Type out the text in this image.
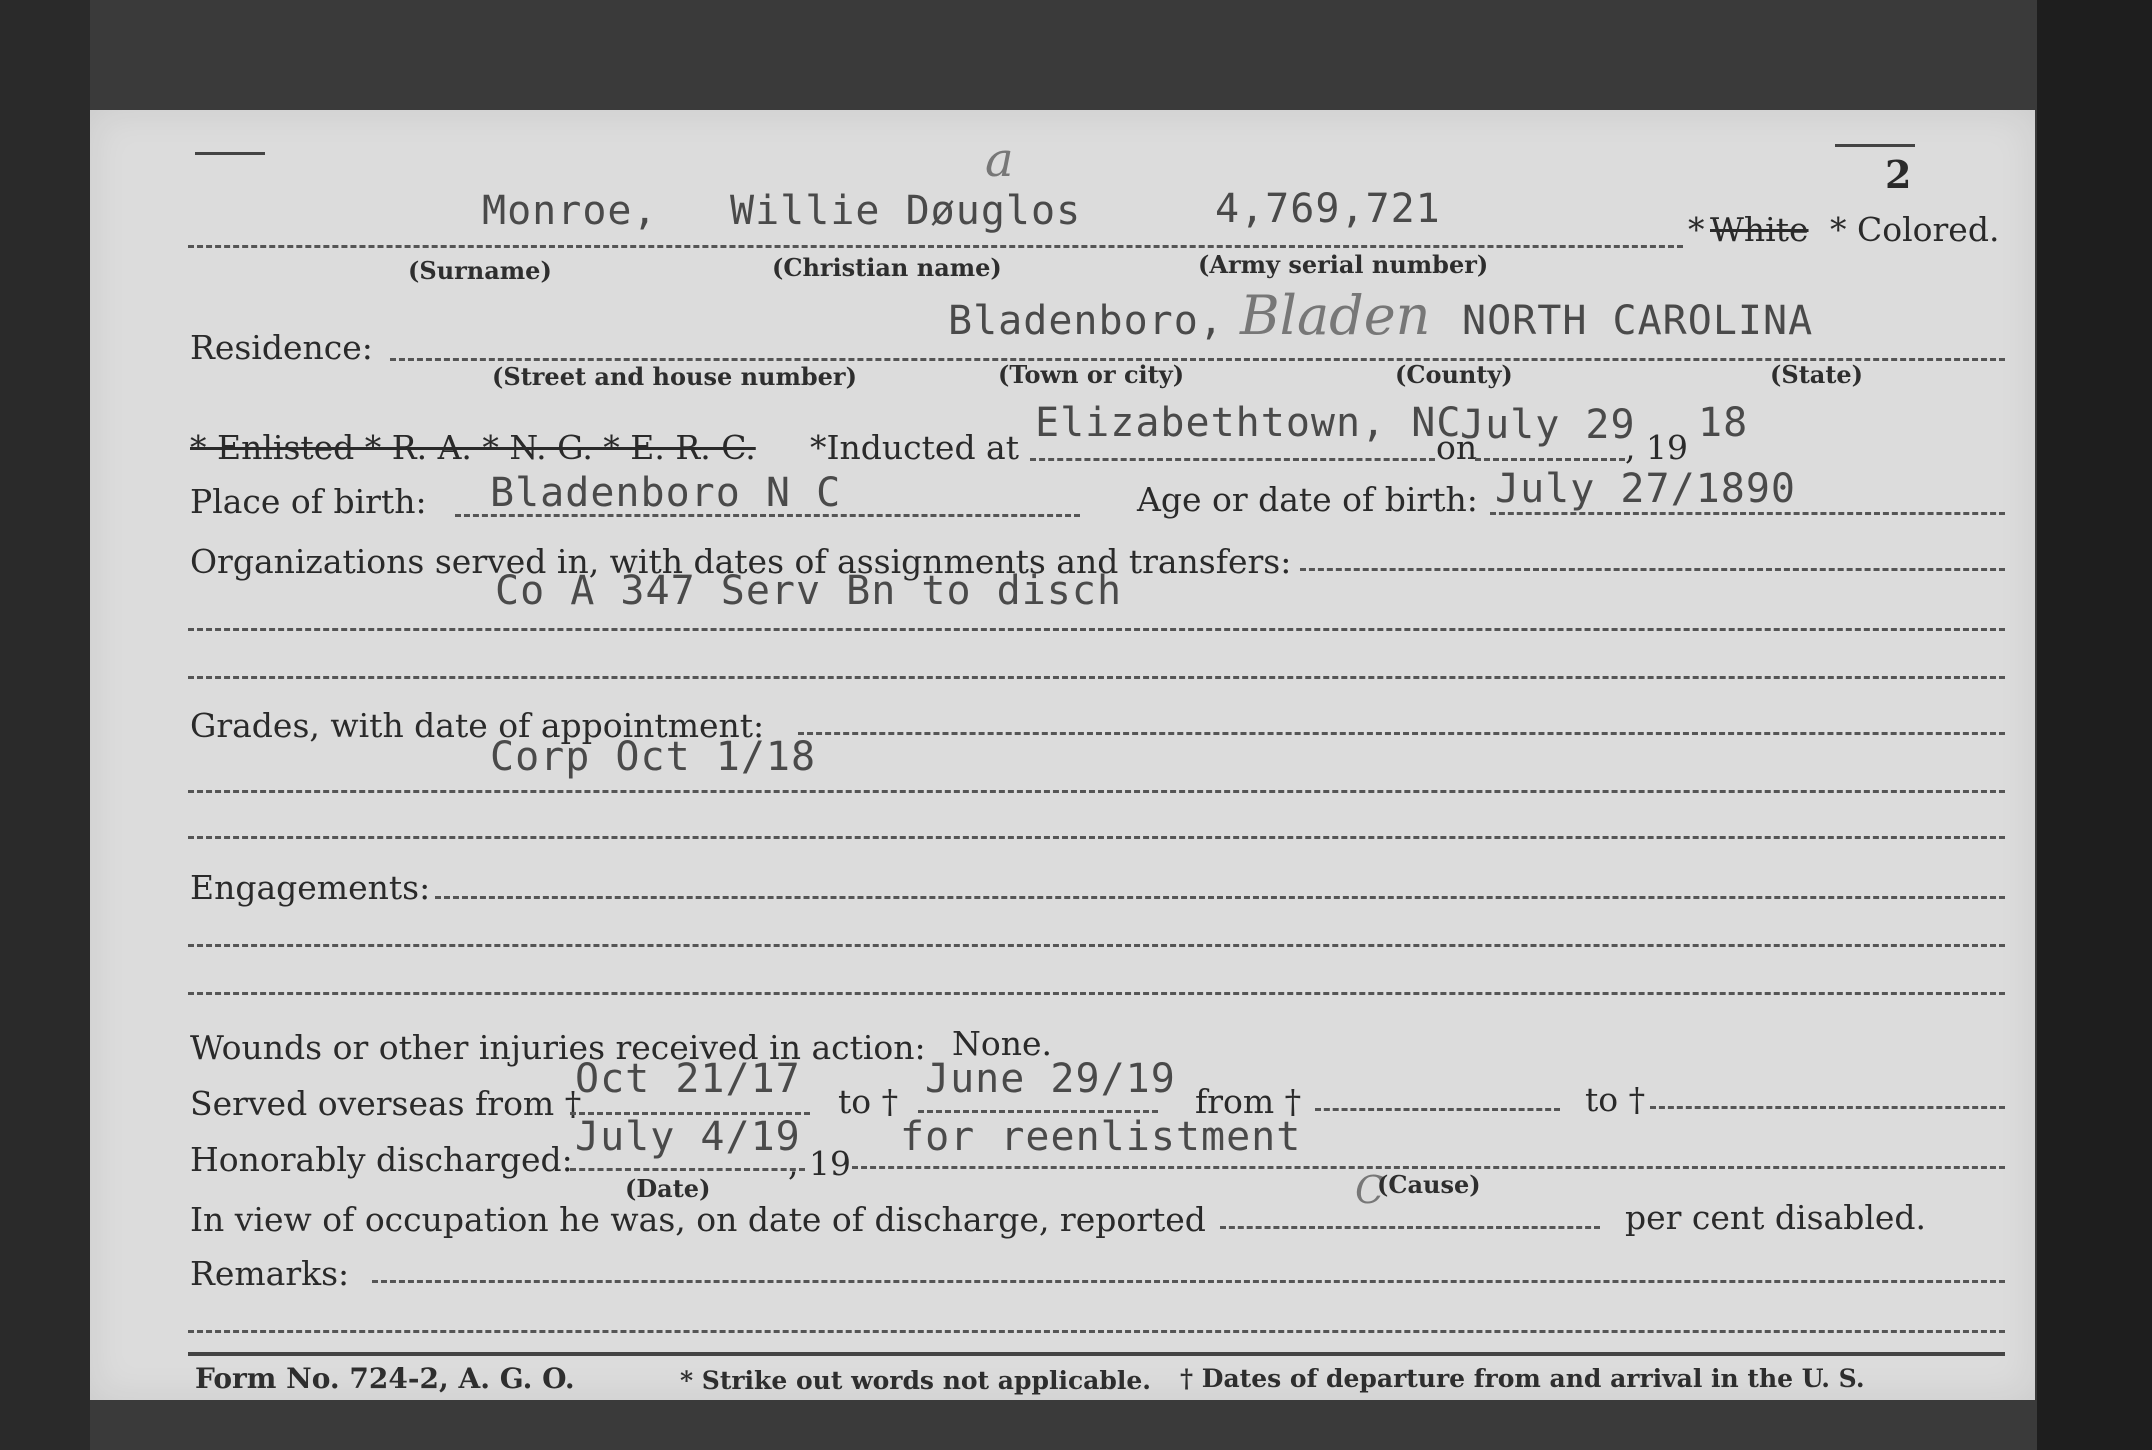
2
a
Monroe, Willie Døuglos	4,769,721	* White * Colored.
(Surname)	(Christian name)	(Army serial number)
Residence:
Bladenboro, Bladen NORTH CAROLINA
(Street and house number)	(Town or city)	(County)	(State)
* Enlisted * R. A. * N. G. * E. R. C. *Inducted at
Elizabethtown, NC
on
July 29
, 19
18
Place of birth: Bladenboro N C	Age or date of birth: July 27/1890
Organizations served in, with dates of assignments and transfers:
Co A 347 Serv Bn to disch
Grades, with date of appointment:
Corp Oct 1/18
Engagements:
Wounds or other injuries received in action: None.
Served overseas from †
Oct 21/17 to † June 29/19 from †	to †
Honorably discharged: July 4/19
, 19
for reenlistment
(Date)	C
(Cause)
In view of occupation he was, on date of discharge, reported	per cent disabled.
Remarks:
Form No. 724-2, A. G. O.	* Strike out words not applicable. † Dates of departure from and arrival in the U. S.
